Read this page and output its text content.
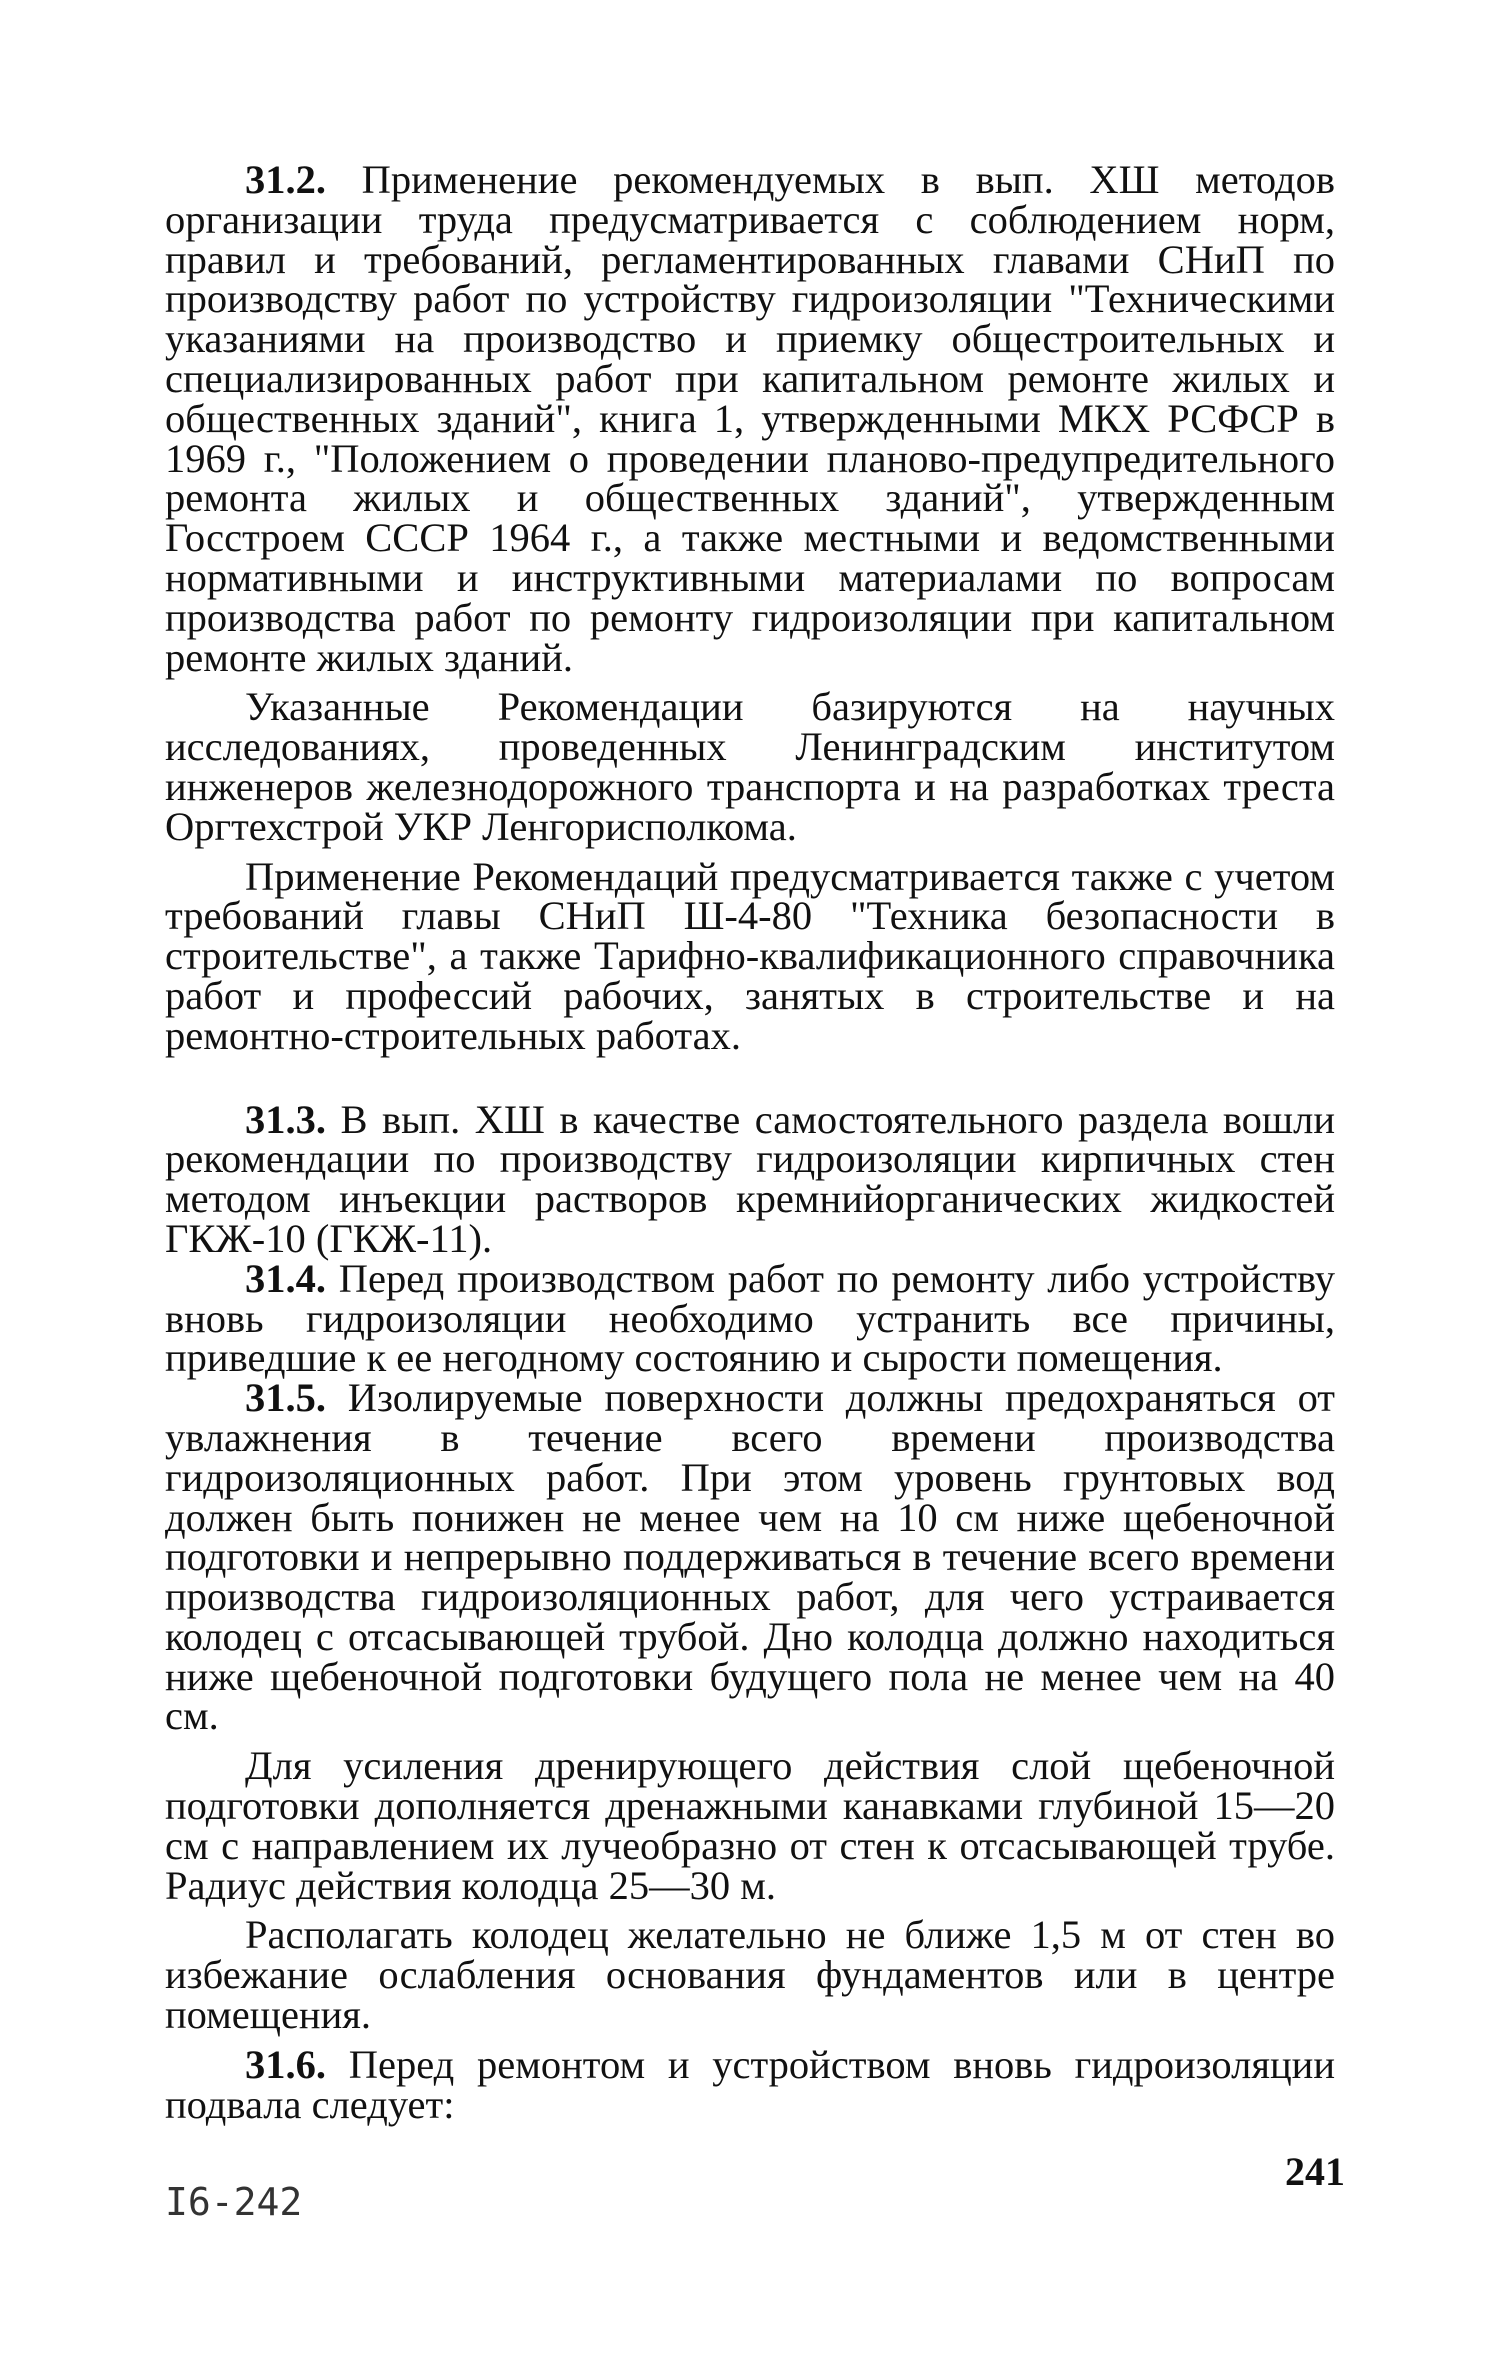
31.2. Применение рекомендуемых в вып. ХШ методов организации труда предусматривается с соблюдением норм, правил и требований, регламентированных главами СНиП по производству работ по устройству гидроизоляции "Техническими указаниями на производство и приемку общестроительных и специализированных работ при капитальном ремонте жилых и общественных зданий", книга 1, утвержденными МКХ РСФСР в 1969 г., "Положением о проведении планово-предупредительного ремонта жилых и общественных зданий", утвержденным Госстроем СССР 1964 г., а также местными и ведомственными нормативными и инструктивными материалами по вопросам производства работ по ремонту гидроизоляции при капитальном ремонте жилых зданий.

Указанные Рекомендации базируются на научных исследованиях, проведенных Ленинградским институтом инженеров железнодорожного транспорта и на разработках треста Оргтехстрой УКР Ленгорисполкома.

Применение Рекомендаций предусматривается также с учетом требований главы СНиП Ш-4-80 "Техника безопасности в строительстве", а также Тарифно-квалификационного справочника работ и профессий рабочих, занятых в строительстве и на ремонтно-строительных работах.

31.3. В вып. ХШ в качестве самостоятельного раздела вошли рекомендации по производству гидроизоляции кирпичных стен методом инъекции растворов кремнийорганических жидкостей ГКЖ-10 (ГКЖ-11).

31.4. Перед производством работ по ремонту либо устройству вновь гидроизоляции необходимо устранить все причины, приведшие к ее негодному состоянию и сырости помещения.

31.5. Изолируемые поверхности должны предохраняться от увлажнения в течение всего времени производства гидроизоляционных работ. При этом уровень грунтовых вод должен быть понижен не менее чем на 10 см ниже щебеночной подготовки и непрерывно поддерживаться в течение всего времени производства гидроизоляционных работ, для чего устраивается колодец с отсасывающей трубой. Дно колодца должно находиться ниже щебеночной подготовки будущего пола не менее чем на 40 см.

Для усиления дренирующего действия слой щебеночной подготовки дополняется дренажными канавками глубиной 15—20 см с направлением их лучеобразно от стен к отсасывающей трубе. Радиус действия колодца 25—30 м.

Располагать колодец желательно не ближе 1,5 м от стен во избежание ослабления основания фундаментов или в центре помещения.

31.6. Перед ремонтом и устройством вновь гидроизоляции подвала следует:

241
I6-242
